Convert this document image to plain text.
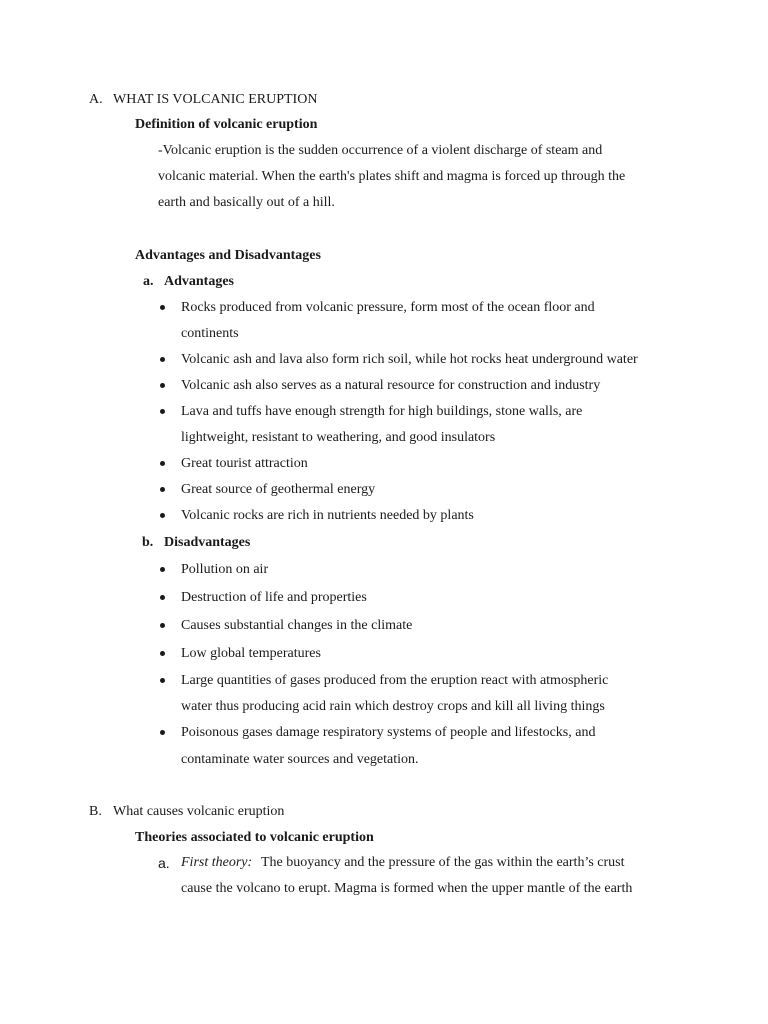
A. WHAT IS VOLCANIC ERUPTION
Definition of volcanic eruption
-Volcanic eruption is the sudden occurrence of a violent discharge of steam and
volcanic material. When the earth's plates shift and magma is forced up through the
earth and basically out of a hill.
Advantages and Disadvantages
a. Advantages
Rocks produced from volcanic pressure, form most of the ocean floor and
continents
Volcanic ash and lava also form rich soil, while hot rocks heat underground water
Volcanic ash also serves as a natural resource for construction and industry
Lava and tuffs have enough strength for high buildings, stone walls, are
lightweight, resistant to weathering, and good insulators
Great tourist attraction
Great source of geothermal energy
Volcanic rocks are rich in nutrients needed by plants
b. Disadvantages
Pollution on air
Destruction of life and properties
Causes substantial changes in the climate
Low global temperatures
Large quantities of gases produced from the eruption react with atmospheric
water thus producing acid rain which destroy crops and kill all living things
Poisonous gases damage respiratory systems of people and lifestocks, and
contaminate water sources and vegetation.
B. What causes volcanic eruption
Theories associated to volcanic eruption
a. First theory: The buoyancy and the pressure of the gas within the earth’s crust
cause the volcano to erupt. Magma is formed when the upper mantle of the earth
